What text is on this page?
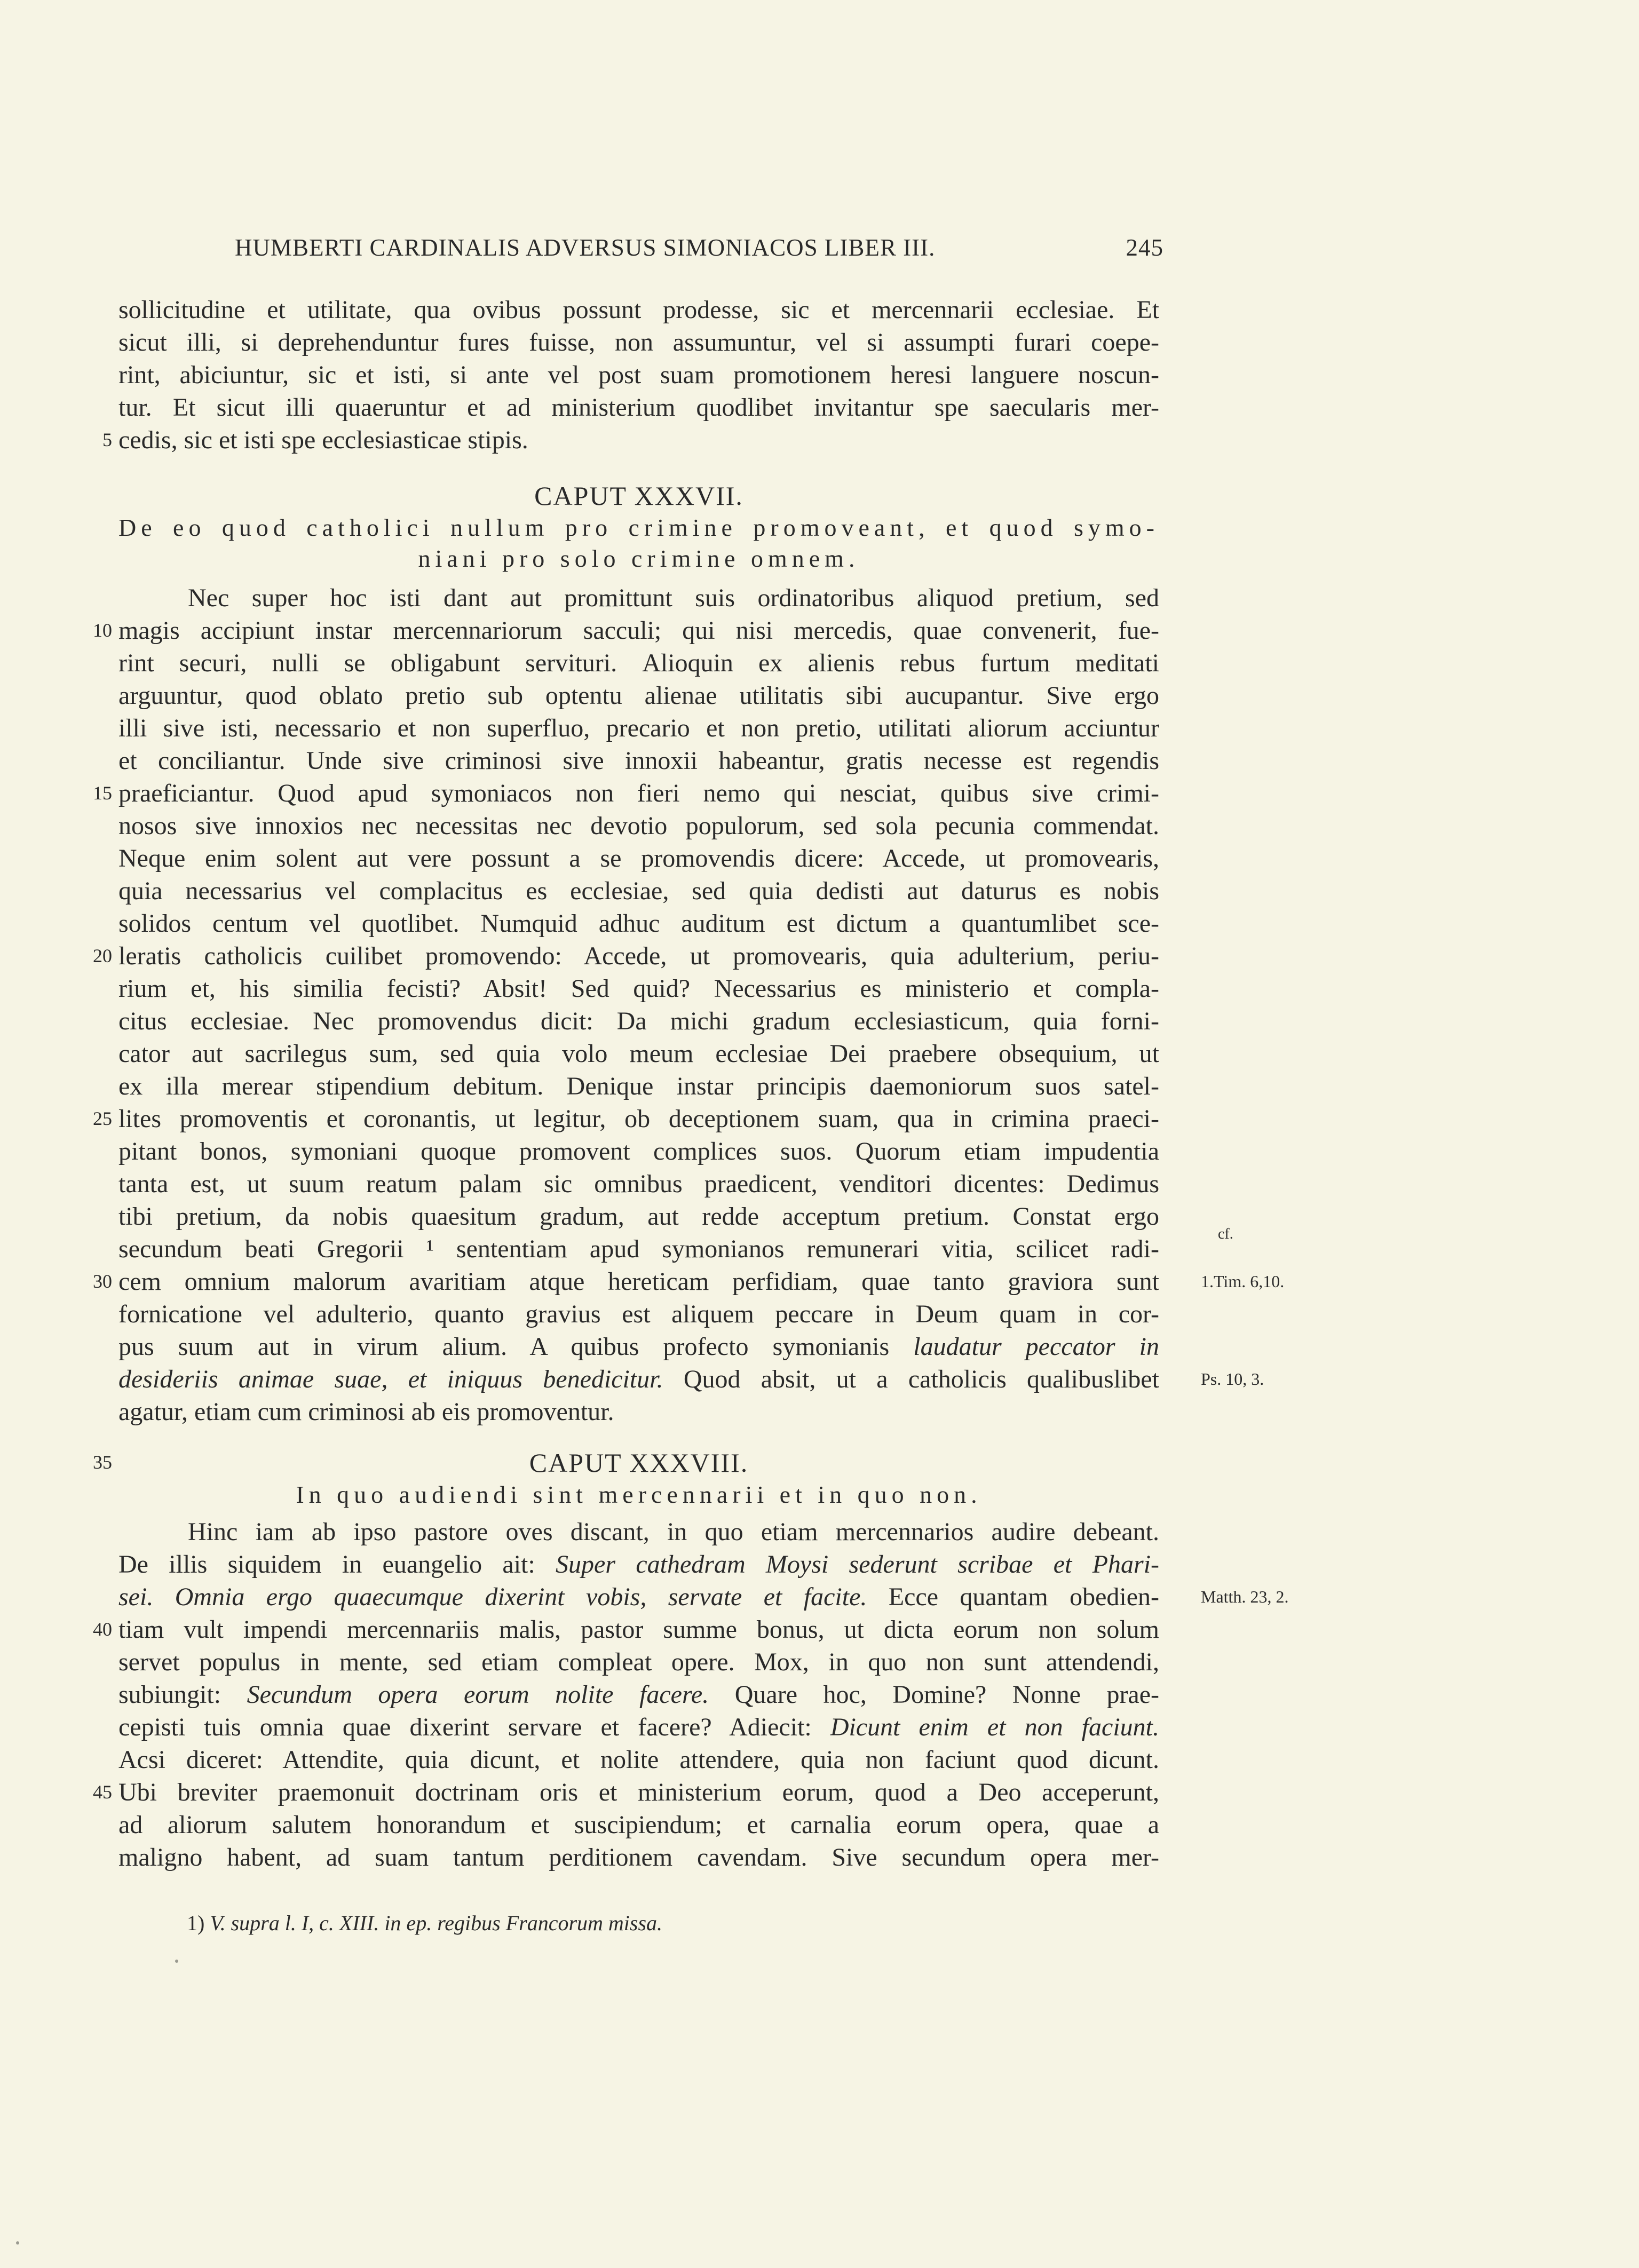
HUMBERTI CARDINALIS ADVERSUS SIMONIACOS LIBER III.	245
sollicitudine et utilitate, qua ovibus possunt prodesse, sic et mercennarii ecclesiae. Et
sicut illi, si deprehenduntur fures fuisse, non assumuntur, vel si assumpti furari coepe-
rint, abiciuntur, sic et isti, si ante vel post suam promotionem heresi languere noscun-
tur. Et sicut illi quaeruntur et ad ministerium quodlibet invitantur spe saecularis mer-
5 cedis, sic et isti spe ecclesiasticae stipis.
CAPUT XXXVII.
De eo quod catholici nullum pro crimine promoveant, et quod symo-
niani pro solo crimine omnem.
Nec super hoc isti dant aut promittunt suis ordinatoribus aliquod pretium, sed
10 magis accipiunt instar mercennariorum sacculi; qui nisi mercedis, quae convenerit, fue-
rint securi, nulli se obligabunt serviturі. Alioquin ex alienis rebus furtum meditati
arguuntur, quod oblato pretio sub optentu alienae utilitatis sibi aucupantur. Sive ergo
illi sive isti, necessario et non superfluo, precario et non pretio, utilitati aliorum acciuntur
et conciliantur. Unde sive criminosi sive innoxii habeantur, gratis necesse est regendis
15 praeficiantur. Quod apud symoniacos non fieri nemo qui nesciat, quibus sive crimi-
nosos sive innoxios nec necessitas nec devotio populorum, sed sola pecunia commendat.
Neque enim solent aut vere possunt a se promovendis dicere: Accede, ut promovearis,
quia necessarius vel complacitus es ecclesiae, sed quia dedisti aut daturus es nobis
solidos centum vel quotlibet. Numquid adhuc auditum est dictum a quantumlibet sce-
20 leratis catholicis cuilibet promovendo: Accede, ut promovearis, quia adulterium, periu-
rium et, his similia fecisti? Absit! Sed quid? Necessarius es ministerio et compla-
citus ecclesiae. Nec promovendus dicit: Da michi gradum ecclesiasticum, quia forni-
cator aut sacrilegus sum, sed quia volo meum ecclesiae Dei praebere obsequium, ut
ex illa merear stipendium debitum. Denique instar principis daemoniorum suos satel-
25 lites promoventis et coronantis, ut legitur, ob deceptionem suam, qua in crimina praeci-
pitant bonos, symoniani quoque promovent complices suos. Quorum etiam impudentia
tanta est, ut suum reatum palam sic omnibus praedicent, venditori dicentes: Dedimus
tibi pretium, da nobis quaesitum gradum, aut redde acceptum pretium. Constat ergo
secundum beati Gregorii ¹ sententiam apud symonianos remunerari vitia, scilicet radi-
cf.
1.Tim. 6,10.
30 cem omnium malorum avaritiam atque hereticam perfidiam, quae tanto graviora sunt
fornicatione vel adulterio, quanto gravius est aliquem peccare in Deum quam in cor-
pus suum aut in virum alium. A quibus profecto symonianis laudatur peccator in
Ps. 10, 3.
desideriis animae suae, et iniquus benedicitur. Quod absit, ut a catholicis qualibuslibet
agatur, etiam cum criminosi ab eis promoventur.
35	CAPUT XXXVIII.
In quo audiendi sint mercennarii et in quo non.
Hinc iam ab ipso pastore oves discant, in quo etiam mercennarios audire debeant.
De illis siquidem in euangelio ait: Super cathedram Moysi sederunt scribae et Phari-
Matth. 23, 2.
sei. Omnia ergo quaecumque dixerint vobis, servate et facite. Ecce quantam obedien-
40 tiam vult impendi mercennariis malis, pastor summe bonus, ut dicta eorum non solum
servet populus in mente, sed etiam compleat opere. Mox, in quo non sunt attendendi,
subiungit: Secundum opera eorum nolite facere. Quare hoc, Domine? Nonne prae-
cepisti tuis omnia quae dixerint servare et facere? Adiecit: Dicunt enim et non faciunt.
Acsi diceret: Attendite, quia dicunt, et nolite attendere, quia non faciunt quod dicunt.
45 Ubi breviter praemonuit doctrinam oris et ministerium eorum, quod a Deo acceperunt,
ad aliorum salutem honorandum et suscipiendum; et carnalia eorum opera, quae a
maligno habent, ad suam tantum perditionem cavendam. Sive secundum opera mer-
1) V. supra l. I, c. XIII. in ep. regibus Francorum missa.
